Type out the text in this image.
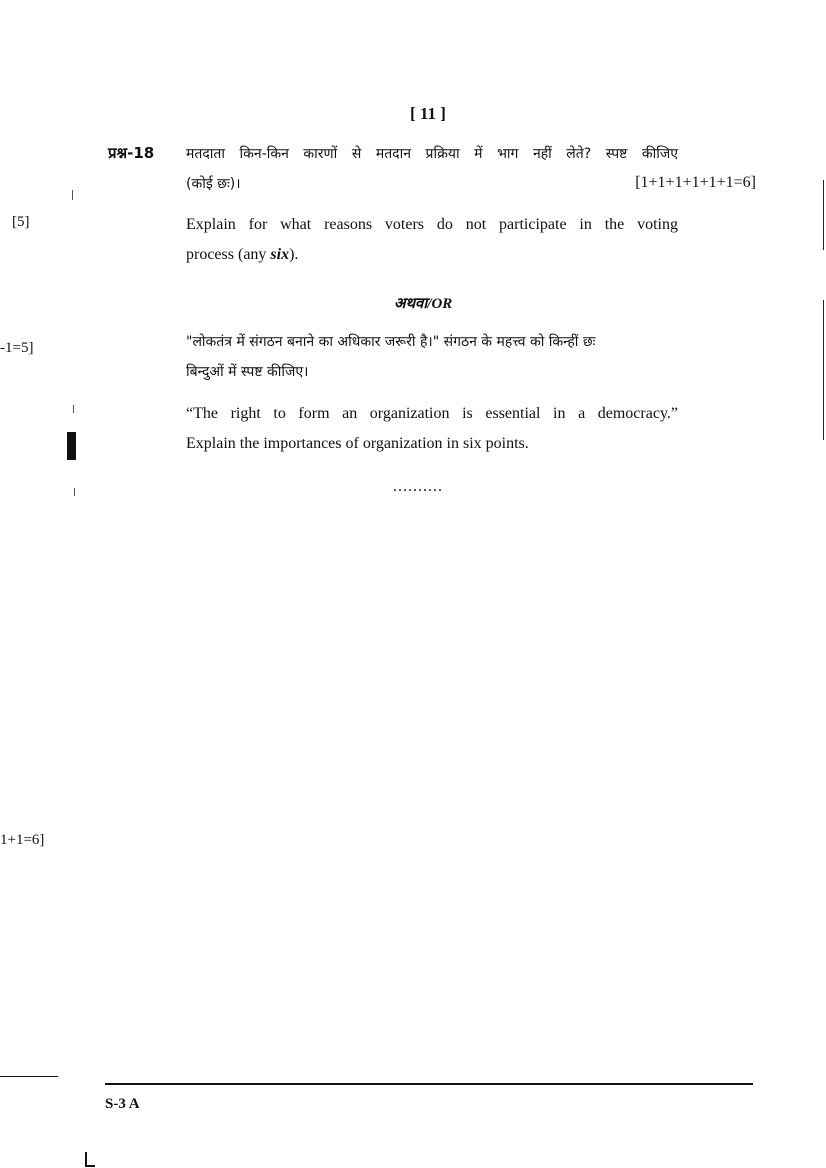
[ 11 ]
प्रश्न-18 मतदाता किन-किन कारणों से मतदान प्रक्रिया में भाग नहीं लेते? स्पष्ट कीजिए
(कोई छः)।	[1+1+1+1+1+1=6]
Explain for what reasons voters do not participate in the voting
process (any six).
अथवा/OR
"लोकतंत्र में संगठन बनाने का अधिकार जरूरी है।" संगठन के महत्त्व को किन्हीं छः
बिन्दुओं में स्पष्ट कीजिए।
“The right to form an organization is essential in a democracy.”
Explain the importances of organization in six points.
..........
[5]
-1=5]
1+1=6]
S-3 A
